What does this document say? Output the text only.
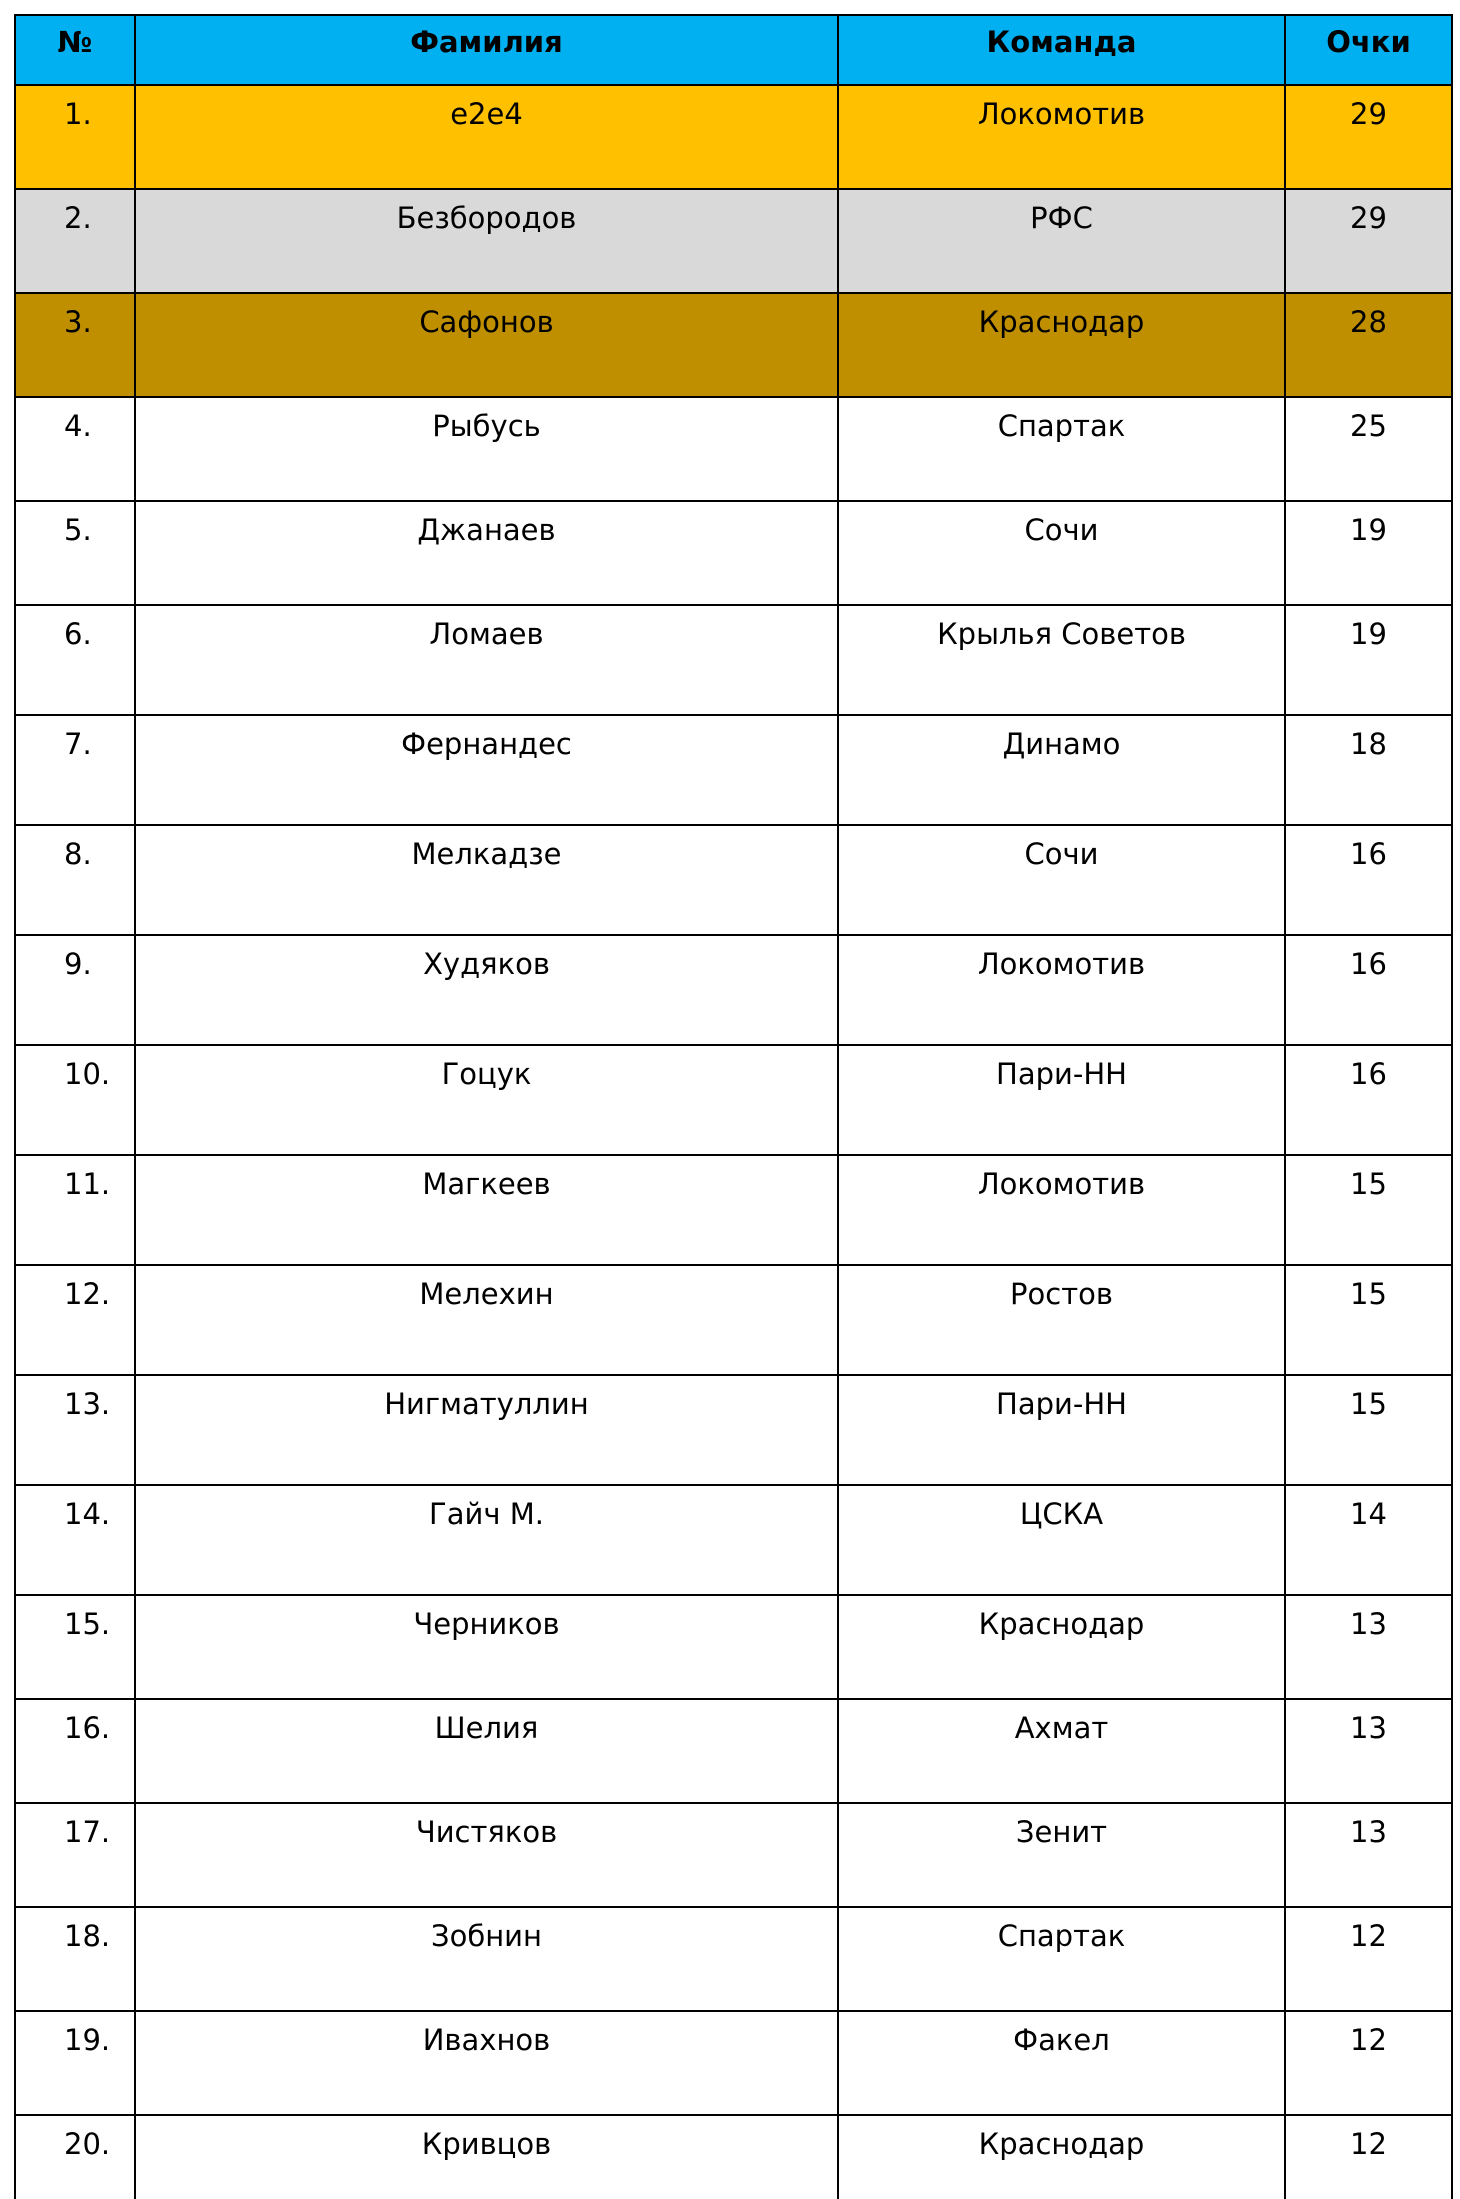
№	Фамилия	Команда	Очки
1.	e2e4	Локомотив	29
2.	Безбородов	РФС	29
3.	Сафонов	Краснодар	28
4.	Рыбусь	Спартак	25
5.	Джанаев	Сочи	19
6.	Ломаев	Крылья Советов	19
7.	Фернандес	Динамо	18
8.	Мелкадзе	Сочи	16
9.	Худяков	Локомотив	16
10.	Гоцук	Пари-НН	16
11.	Магкеев	Локомотив	15
12.	Мелехин	Ростов	15
13.	Нигматуллин	Пари-НН	15
14.	Гайч М.	ЦСКА	14
15.	Черников	Краснодар	13
16.	Шелия	Ахмат	13
17.	Чистяков	Зенит	13
18.	Зобнин	Спартак	12
19.	Ивахнов	Факел	12
20.	Кривцов	Краснодар	12
